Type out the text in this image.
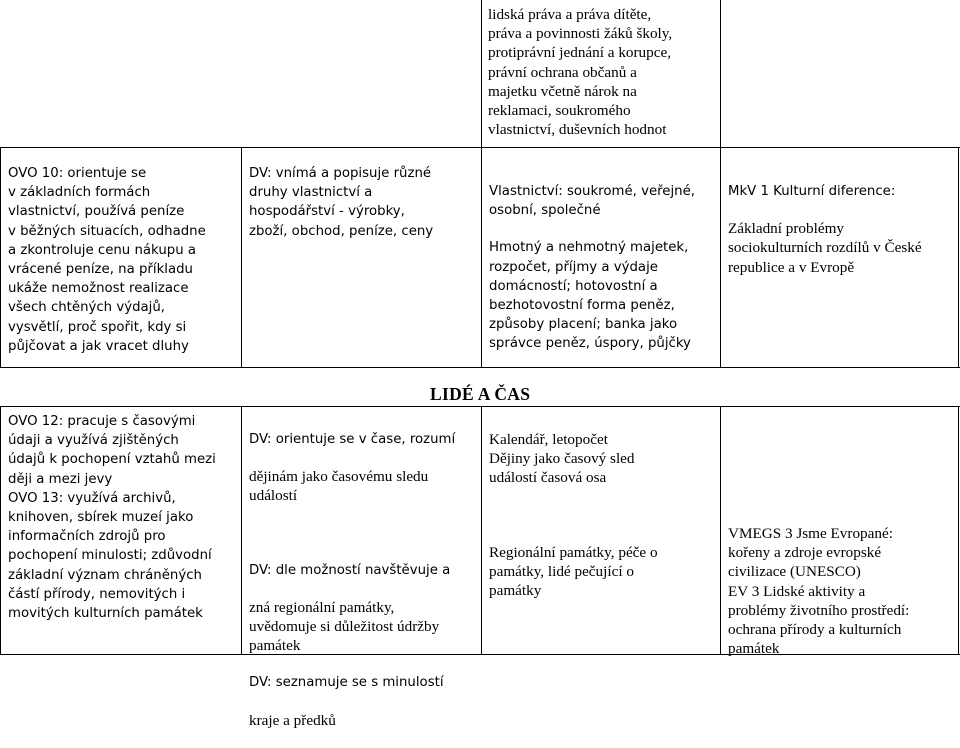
lidská práva a práva dítěte,
práva a povinnosti žáků školy,
protiprávní jednání a korupce,
právní ochrana občanů a
majetku včetně nárok na
reklamaci, soukromého
vlastnictví, duševních hodnot
OVO 10: orientuje se
v základních formách
vlastnictví, používá peníze
v běžných situacích, odhadne
a zkontroluje cenu nákupu a
vrácené peníze, na příkladu
ukáže nemožnost realizace
všech chtěných výdajů,
vysvětlí, proč spořit, kdy si
půjčovat a jak vracet dluhy
DV: vnímá a popisuje různé
druhy vlastnictví a
hospodářství - výrobky,
zboží, obchod, peníze, ceny

Vlastnictví: soukromé, veřejné,
osobní, společné

Hmotný a nehmotný majetek,
rozpočet, příjmy a výdaje
domácností; hotovostní a
bezhotovostní forma peněz,
způsoby placení; banka jako
správce peněz, úspory, půjčky

MkV 1 Kulturní diference:

Základní problémy
sociokulturních rozdílů v České
republice a v Evropě

LIDÉ A ČAS
OVO 12: pracuje s časovými
údaji a využívá zjištěných
údajů k pochopení vztahů mezi
ději a mezi jevy
OVO 13: využívá archivů,
knihoven, sbírek muzeí jako
informačních zdrojů pro
pochopení minulosti; zdůvodní
základní význam chráněných
částí přírody, nemovitých i
movitých kulturních památek

DV: orientuje se v čase, rozumí

dějinám jako časovému sledu
událostí

DV: dle možností navštěvuje a

zná regionální památky,
uvědomuje si důležitost údržby
památek

DV: seznamuje se s minulostí

kraje a předků

Kalendář, letopočet
Dějiny jako časový sled
událostí časová osa

Regionální památky, péče o
památky, lidé pečující o
památky

VMEGS 3 Jsme Evropané:
kořeny a zdroje evropské
civilizace (UNESCO)
EV 3 Lidské aktivity a
problémy životního prostředí:
ochrana přírody a kulturních
památek
